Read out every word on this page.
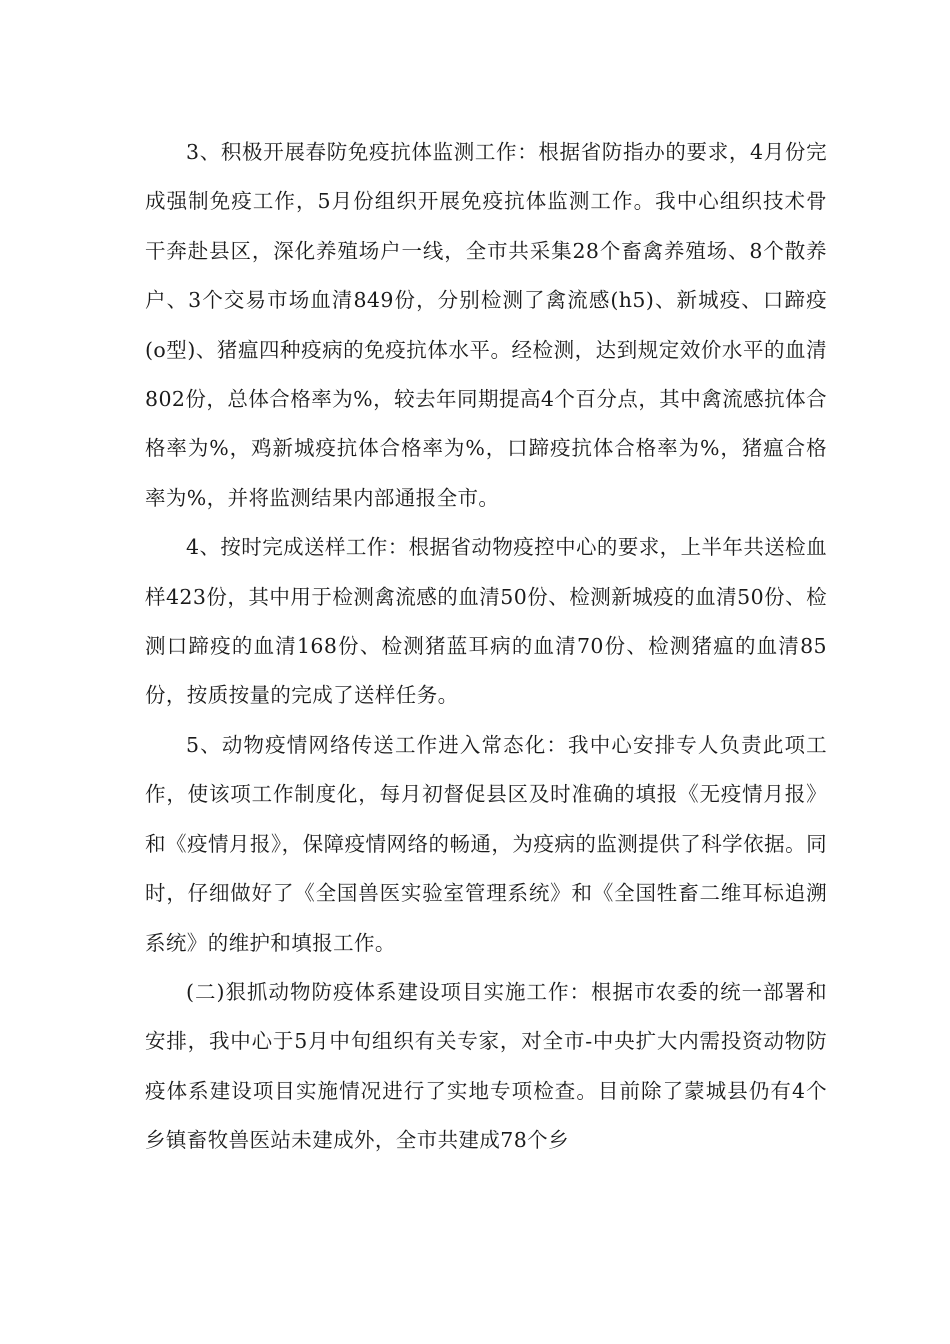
3、积极开展春防免疫抗体监测工作：根据省防指办的要求，4月份完成强制免疫工作，5月份组织开展免疫抗体监测工作。我中心组织技术骨干奔赴县区，深化养殖场户一线，全市共采集28个畜禽养殖场、8个散养户、3个交易市场血清849份，分别检测了禽流感(h5)、新城疫、口蹄疫(o型)、猪瘟四种疫病的免疫抗体水平。经检测，达到规定效价水平的血清802份，总体合格率为%，较去年同期提高4个百分点，其中禽流感抗体合格率为%，鸡新城疫抗体合格率为%，口蹄疫抗体合格率为%，猪瘟合格率为%，并将监测结果内部通报全市。

4、按时完成送样工作：根据省动物疫控中心的要求，上半年共送检血样423份，其中用于检测禽流感的血清50份、检测新城疫的血清50份、检测口蹄疫的血清168份、检测猪蓝耳病的血清70份、检测猪瘟的血清85份，按质按量的完成了送样任务。

5、动物疫情网络传送工作进入常态化：我中心安排专人负责此项工作，使该项工作制度化，每月初督促县区及时准确的填报《无疫情月报》和《疫情月报》，保障疫情网络的畅通，为疫病的监测提供了科学依据。同时，仔细做好了《全国兽医实验室管理系统》和《全国牲畜二维耳标追溯系统》的维护和填报工作。

(二)狠抓动物防疫体系建设项目实施工作：根据市农委的统一部署和安排，我中心于5月中旬组织有关专家，对全市-中央扩大内需投资动物防疫体系建设项目实施情况进行了实地专项检查。目前除了蒙城县仍有4个乡镇畜牧兽医站未建成外，全市共建成78个乡
